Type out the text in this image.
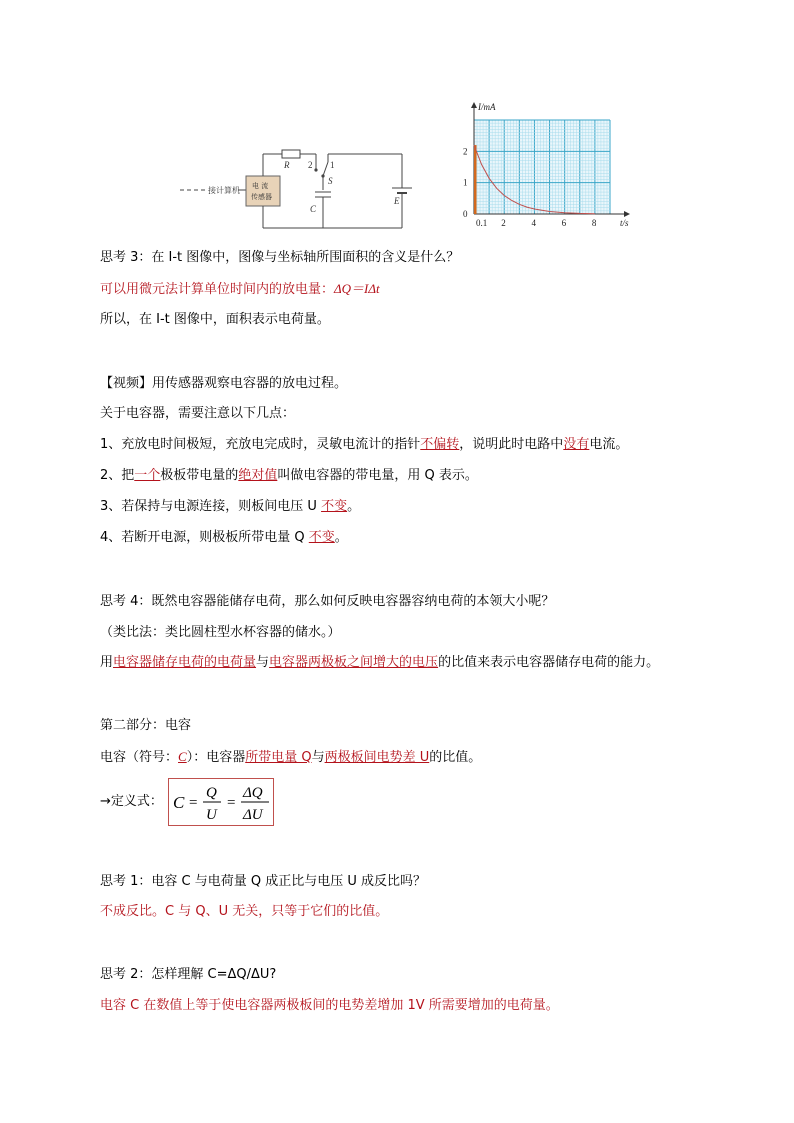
R 2 1
S
C
E
电 流
传感器
接计算机
0
1
2
0.1 2	4	6	8
I/mA
t/s
思考 3：在 I-t 图像中，图像与坐标轴所围面积的含义是什么？
可以用微元法计算单位时间内的放电量：ΔQ＝IΔt
所以，在 I-t 图像中，面积表示电荷量。
【视频】用传感器观察电容器的放电过程。
关于电容器，需要注意以下几点：
1、充放电时间极短，充放电完成时，灵敏电流计的指针不偏转，说明此时电路中没有电流。
2、把一个极板带电量的绝对值叫做电容器的带电量，用 Q 表示。
3、若保持与电源连接，则板间电压 U 不变。
4、若断开电源，则极板所带电量 Q 不变。
思考 4：既然电容器能储存电荷，那么如何反映电容器容纳电荷的本领大小呢？
（类比法：类比圆柱型水杯容器的储水。）
用电容器储存电荷的电荷量与电容器两极板之间增大的电压的比值来表示电容器储存电荷的能力。
第二部分：电容
电容（符号：C）：电容器所带电量 Q与两极板间电势差 U的比值。
→定义式： C =
Q
U
=
ΔQ
ΔU
思考 1：电容 C 与电荷量 Q 成正比与电压 U 成反比吗？
不成反比。C 与 Q、U 无关，只等于它们的比值。
思考 2：怎样理解 C=ΔQ/ΔU?
电容 C 在数值上等于使电容器两极板间的电势差增加 1V 所需要增加的电荷量。
